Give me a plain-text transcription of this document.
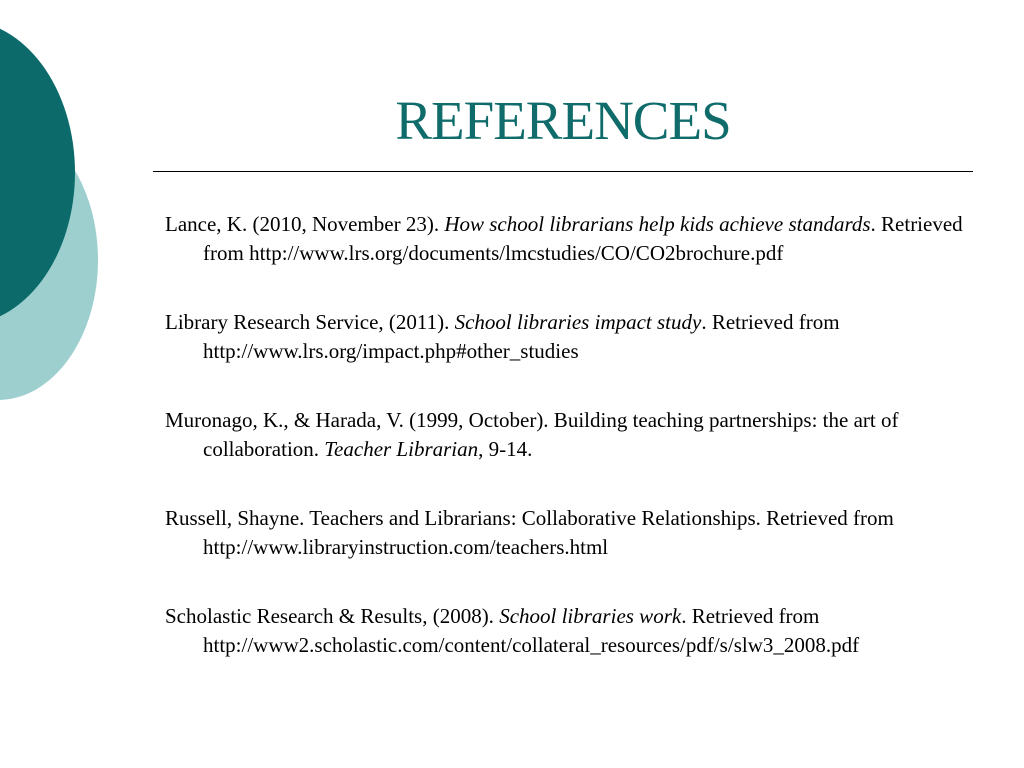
REFERENCES

Lance, K. (2010, November 23). How school librarians help kids achieve standards. Retrieved from http://www.lrs.org/documents/lmcstudies/CO/CO2brochure.pdf

Library Research Service, (2011). School libraries impact study. Retrieved from http://www.lrs.org/impact.php#other_studies

Muronago, K., & Harada, V. (1999, October). Building teaching partnerships: the art of collaboration. Teacher Librarian, 9-14.

Russell, Shayne. Teachers and Librarians: Collaborative Relationships. Retrieved from http://www.libraryinstruction.com/teachers.html

Scholastic Research & Results, (2008). School libraries work. Retrieved from http://www2.scholastic.com/content/collateral_resources/pdf/s/slw3_2008.pdf
